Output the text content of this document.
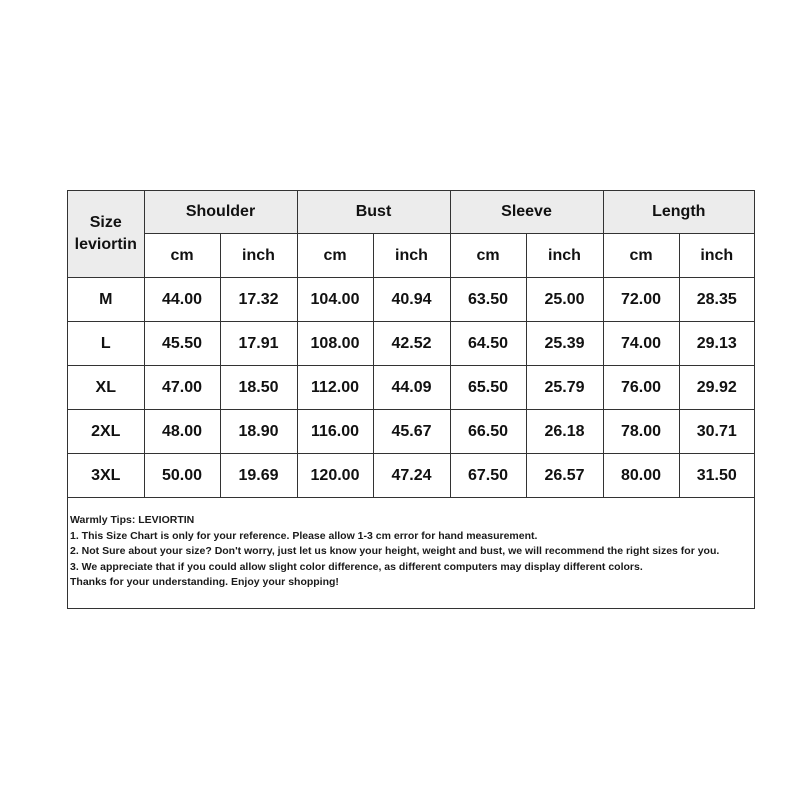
Size
leviortin	Shoulder		Bust		Sleeve		Length	
	cm	inch	cm	inch	cm	inch	cm	inch
M	44.00	17.32	104.00	40.94	63.50	25.00	72.00	28.35
L	45.50	17.91	108.00	42.52	64.50	25.39	74.00	29.13
XL	47.00	18.50	112.00	44.09	65.50	25.79	76.00	29.92
2XL	48.00	18.90	116.00	45.67	66.50	26.18	78.00	30.71
3XL	50.00	19.69	120.00	47.24	67.50	26.57	80.00	31.50
Warmly Tips: LEVIORTIN
1. This Size Chart is only for your reference. Please allow 1-3 cm error for hand measurement.
2. Not Sure about your size? Don't worry, just let us know your height, weight and bust, we will recommend the right sizes for you.
3. We appreciate that if you could allow slight color difference, as different computers may display different colors.
Thanks for your understanding. Enjoy your shopping!
